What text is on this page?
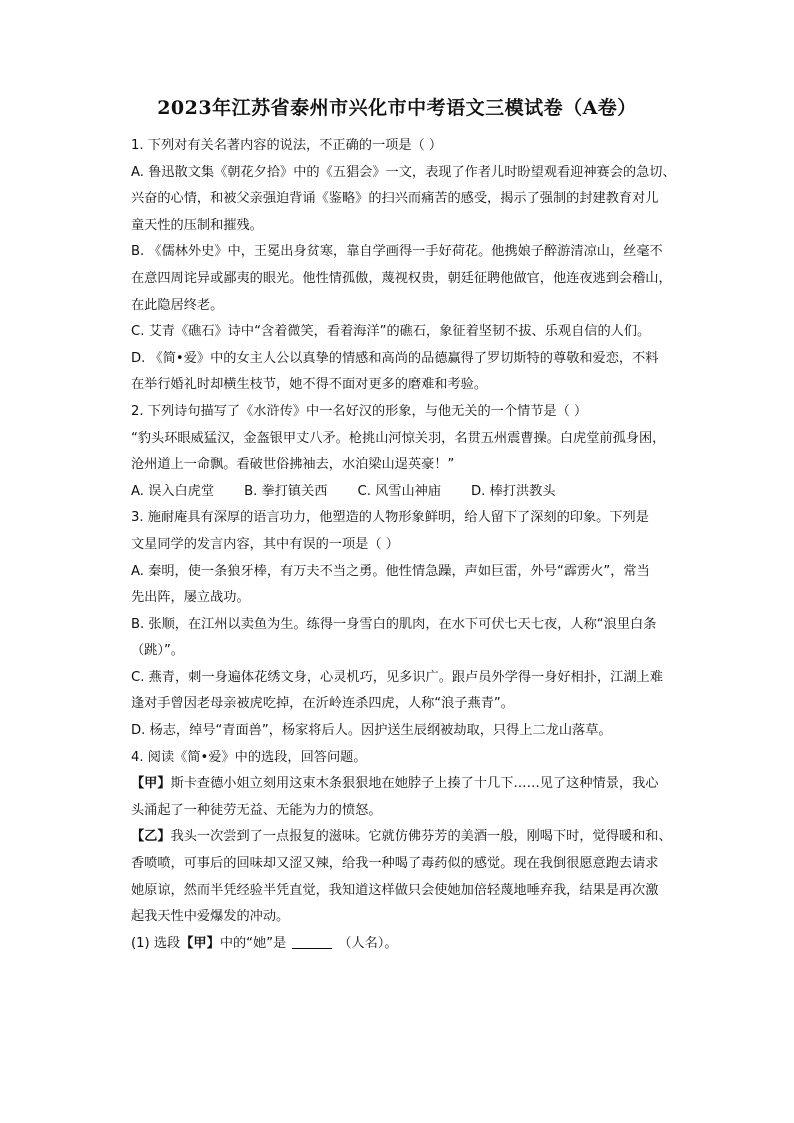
2023年江苏省泰州市兴化市中考语文三模试卷（A卷）
1. 下列对有关名著内容的说法，不正确的一项是（ ）
A. 鲁迅散文集《朝花夕拾》中的《五猖会》一文，表现了作者儿时盼望观看迎神赛会的急切、
兴奋的心情，和被父亲强迫背诵《鉴略》的扫兴而痛苦的感受，揭示了强制的封建教育对儿
童天性的压制和摧残。
B. 《儒林外史》中，王冕出身贫寒，靠自学画得一手好荷花。他携娘子醉游清凉山，丝毫不
在意四周诧异或鄙夷的眼光。他性情孤傲，蔑视权贵，朝廷征聘他做官，他连夜逃到会稽山，
在此隐居终老。
C. 艾青《礁石》诗中“含着微笑，看着海洋”的礁石，象征着坚韧不拔、乐观自信的人们。
D. 《简•爱》中的女主人公以真挚的情感和高尚的品德赢得了罗切斯特的尊敬和爱恋，不料
在举行婚礼时却横生枝节，她不得不面对更多的磨难和考验。
2. 下列诗句描写了《水浒传》中一名好汉的形象，与他无关的一个情节是（ ）
“豹头环眼威猛汉，金盔银甲丈八矛。枪挑山河惊关羽，名贯五州震曹操。白虎堂前孤身困，
沧州道上一命飘。看破世俗拂袖去，水泊梁山逞英豪！”
A. 误入白虎堂 B. 拳打镇关西 C. 风雪山神庙 D. 棒打洪教头
3. 施耐庵具有深厚的语言功力，他塑造的人物形象鲜明，给人留下了深刻的印象。下列是
文星同学的发言内容，其中有误的一项是（ ）
A. 秦明，使一条狼牙棒，有万夫不当之勇。他性情急躁，声如巨雷，外号“霹雳火”，常当
先出阵，屡立战功。
B. 张顺，在江州以卖鱼为生。练得一身雪白的肌肉，在水下可伏七天七夜，人称“浪里白条
（跳）”。
C. 燕青，刺一身遍体花绣文身，心灵机巧，见多识广。跟卢员外学得一身好相扑，江湖上难
逢对手曾因老母亲被虎吃掉，在沂岭连杀四虎，人称“浪子燕青”。
D. 杨志，绰号“青面兽”，杨家将后人。因护送生辰纲被劫取，只得上二龙山落草。
4. 阅读《简•爱》中的选段，回答问题。
【甲】斯卡查德小姐立刻用这束木条狠狠地在她脖子上揍了十几下……见了这种情景，我心
头涌起了一种徒劳无益、无能为力的愤怒。
【乙】我头一次尝到了一点报复的滋味。它就仿佛芬芳的美酒一般，刚喝下时，觉得暖和和、
香喷喷，可事后的回味却又涩又辣，给我一种喝了毒药似的感觉。现在我倒很愿意跑去请求
她原谅，然而半凭经验半凭直觉，我知道这样做只会使她加倍轻蔑地唾弃我，结果是再次激
起我天性中爱爆发的冲动。
(1) 选段【甲】中的“她”是	（人名）。
